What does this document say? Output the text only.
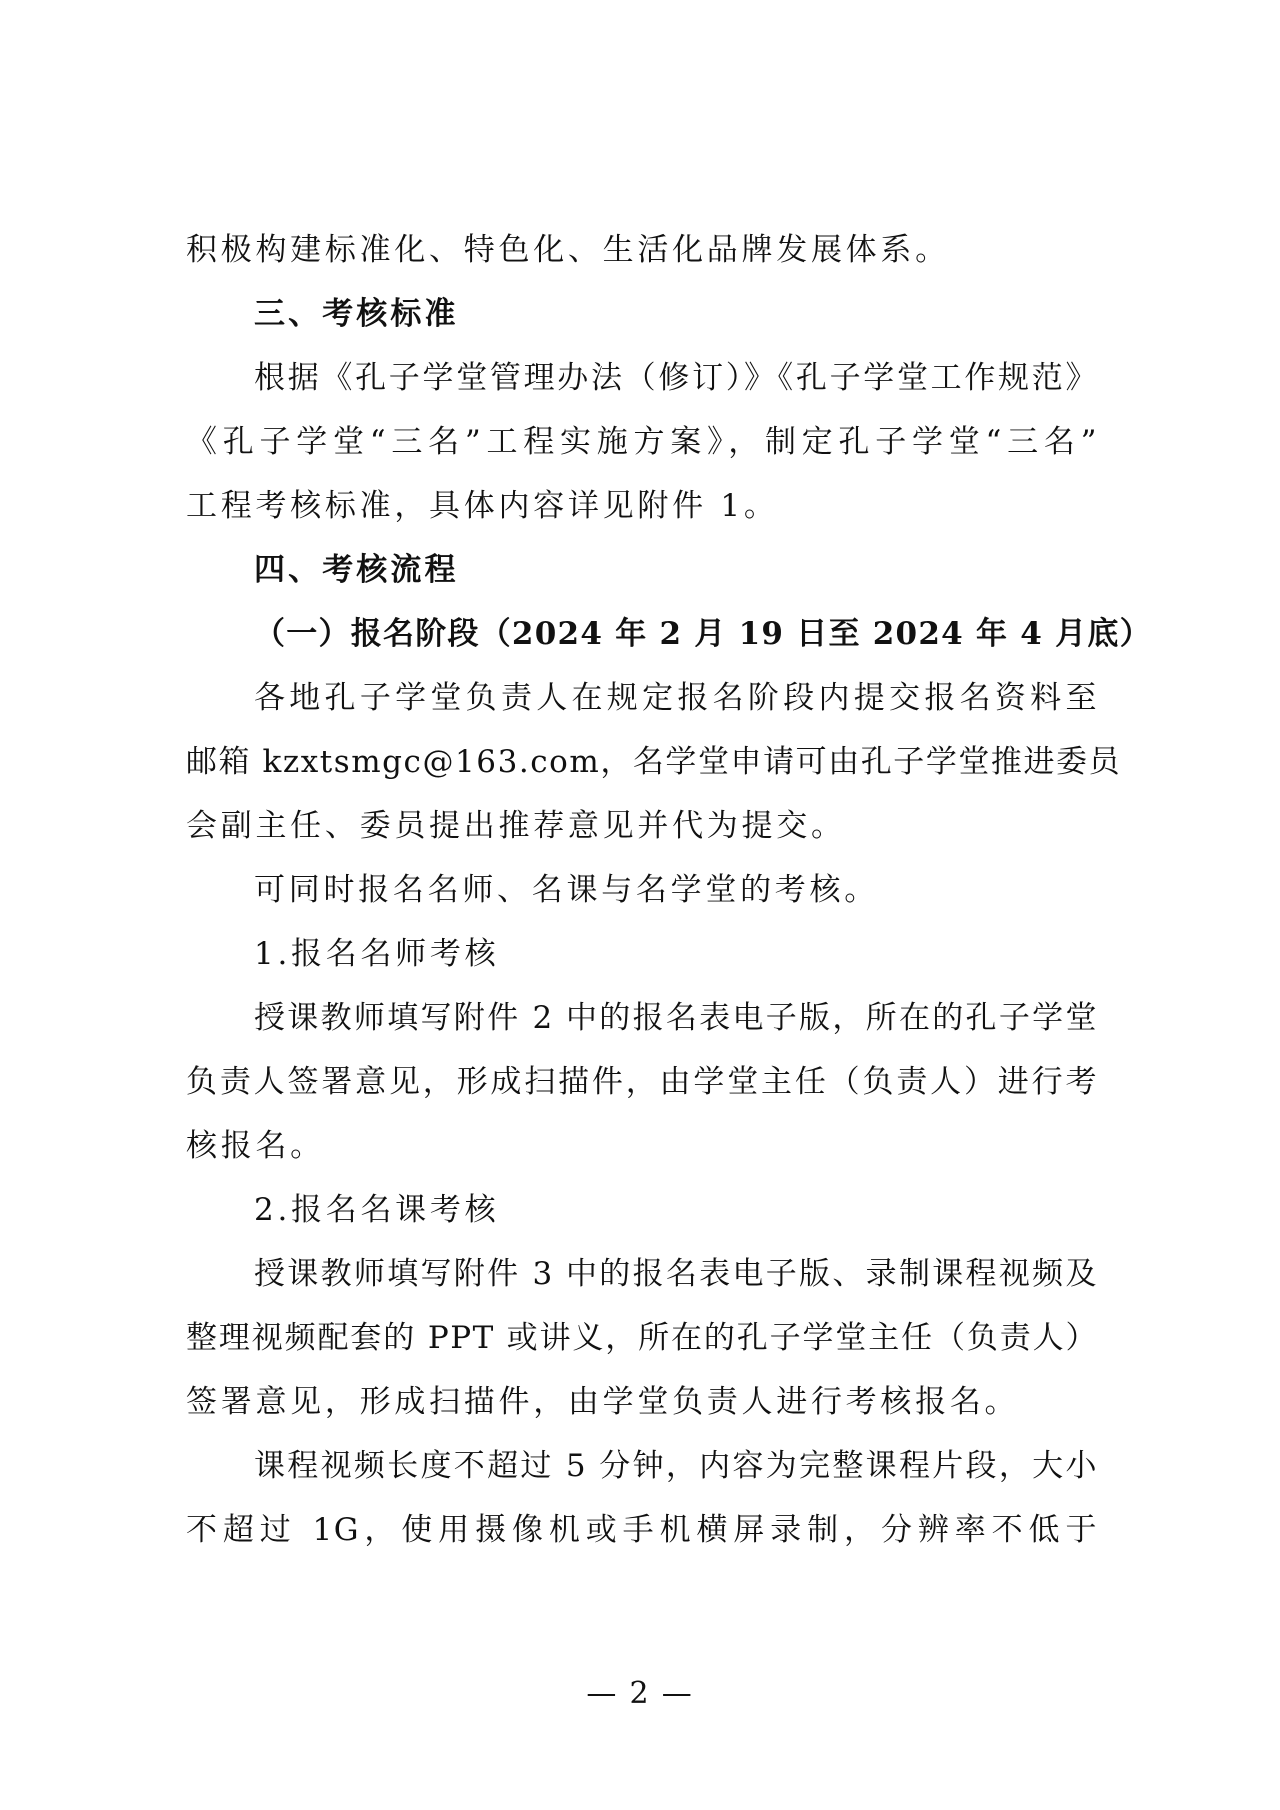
积极构建标准化、特色化、生活化品牌发展体系。
三、考核标准
根据《孔子学堂管理办法（修订）》《孔子学堂工作规范》
《孔子学堂“三名”工程实施方案》，制定孔子学堂“三名”
工程考核标准，具体内容详见附件 1。
四、考核流程
（一）报名阶段（2024 年 2 月 19 日至 2024 年 4 月底）
各地孔子学堂负责人在规定报名阶段内提交报名资料至
邮箱 kzxtsmgc@163.com，名学堂申请可由孔子学堂推进委员
会副主任、委员提出推荐意见并代为提交。
可同时报名名师、名课与名学堂的考核。
1.报名名师考核
授课教师填写附件 2 中的报名表电子版，所在的孔子学堂
负责人签署意见，形成扫描件，由学堂主任（负责人）进行考
核报名。
2.报名名课考核
授课教师填写附件 3 中的报名表电子版、录制课程视频及
整理视频配套的 PPT 或讲义，所在的孔子学堂主任（负责人）
签署意见，形成扫描件，由学堂负责人进行考核报名。
课程视频长度不超过 5 分钟，内容为完整课程片段，大小
不超过 1G，使用摄像机或手机横屏录制，分辨率不低于
— 2 —
